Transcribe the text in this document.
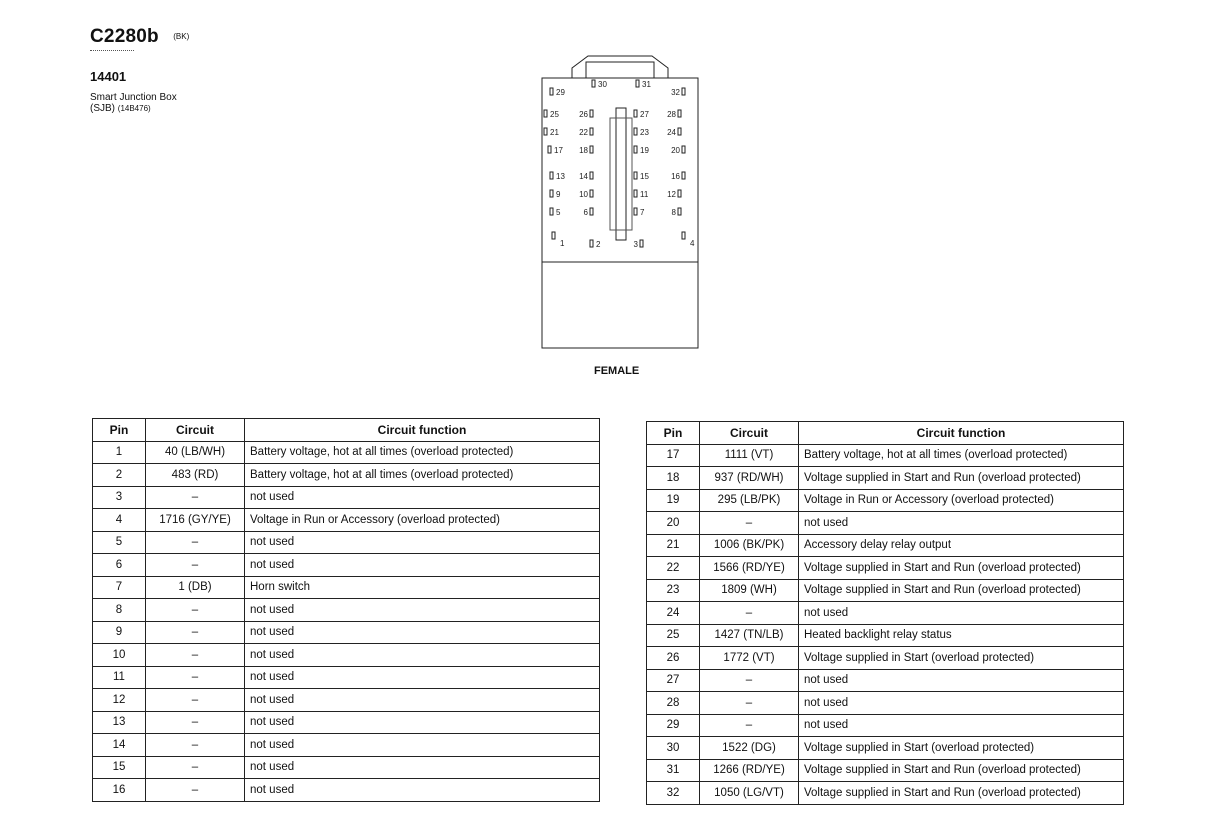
C2280b (BK)
14401
Smart Junction Box
(SJB) (14B476)
1	2	3	4
5	6	7	8
9 10	11 12
13 14	15	16
17 18	19	20
21	22	23 24
25	26	27 28
29
30	31
32
FEMALE
Pin	Circuit	Circuit function
1	40 (LB/WH)	Battery voltage, hot at all times (overload protected)
2	483 (RD)	Battery voltage, hot at all times (overload protected)
3	–	not used
4	1716 (GY/YE)	Voltage in Run or Accessory (overload protected)
5	–	not used
6	–	not used
7	1 (DB)	Horn switch
8	–	not used
9	–	not used
10	–	not used
11	–	not used
12	–	not used
13	–	not used
14	–	not used
15	–	not used
16	–	not used
Pin	Circuit	Circuit function
17	1111 (VT)	Battery voltage, hot at all times (overload protected)
18	937 (RD/WH)	Voltage supplied in Start and Run (overload protected)
19	295 (LB/PK)	Voltage in Run or Accessory (overload protected)
20	–	not used
21	1006 (BK/PK)	Accessory delay relay output
22	1566 (RD/YE)	Voltage supplied in Start and Run (overload protected)
23	1809 (WH)	Voltage supplied in Start and Run (overload protected)
24	–	not used
25	1427 (TN/LB)	Heated backlight relay status
26	1772 (VT)	Voltage supplied in Start (overload protected)
27	–	not used
28	–	not used
29	–	not used
30	1522 (DG)	Voltage supplied in Start (overload protected)
31	1266 (RD/YE)	Voltage supplied in Start and Run (overload protected)
32	1050 (LG/VT)	Voltage supplied in Start and Run (overload protected)
